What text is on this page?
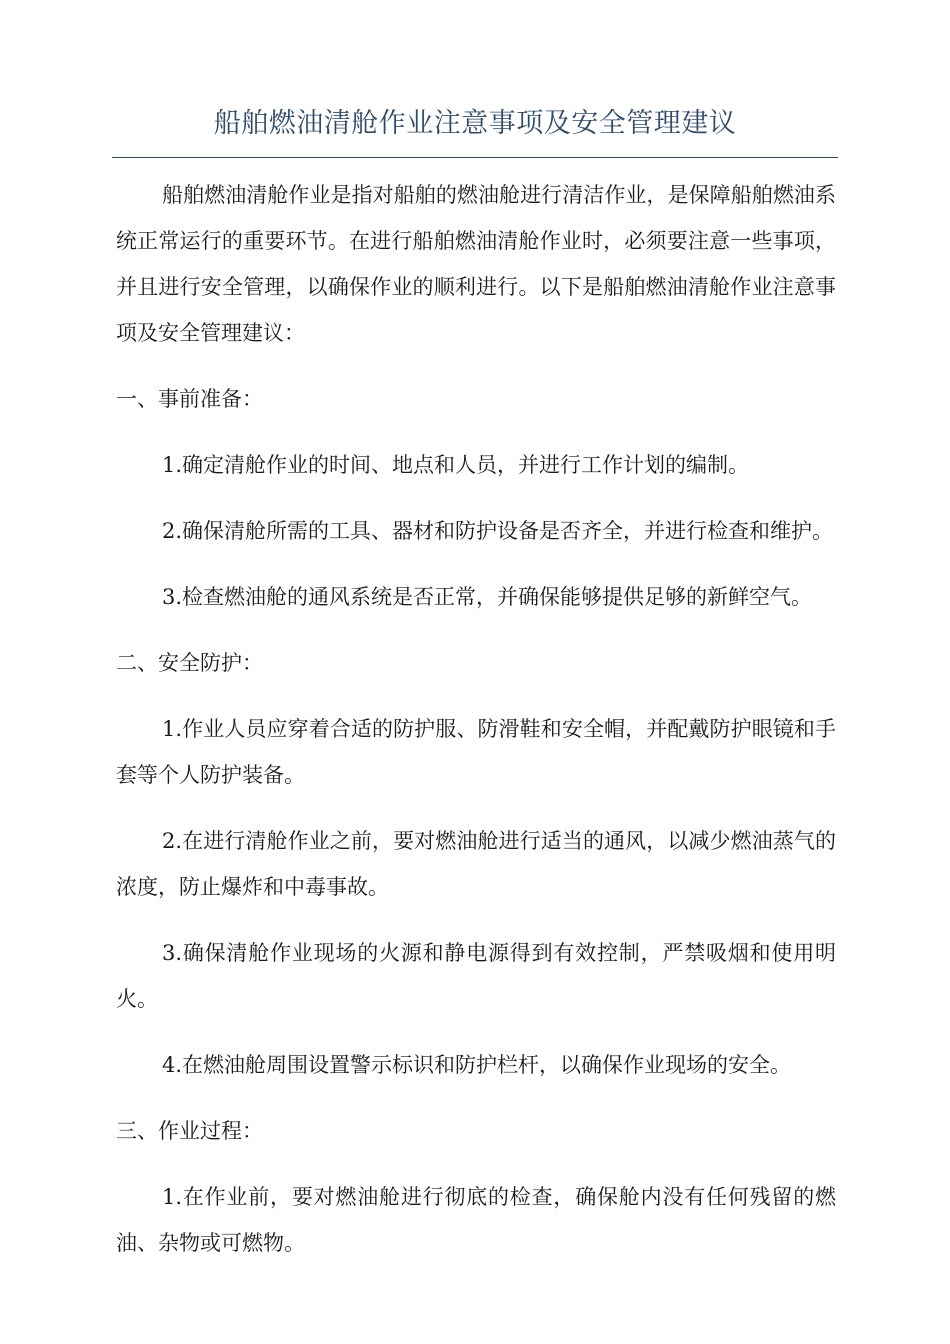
船舶燃油清舱作业注意事项及安全管理建议

船舶燃油清舱作业是指对船舶的燃油舱进行清洁作业，是保障船舶燃油系统正常运行的重要环节。在进行船舶燃油清舱作业时，必须要注意一些事项，并且进行安全管理，以确保作业的顺利进行。以下是船舶燃油清舱作业注意事项及安全管理建议：

一、事前准备：

1.确定清舱作业的时间、地点和人员，并进行工作计划的编制。

2.确保清舱所需的工具、器材和防护设备是否齐全，并进行检查和维护。

3.检查燃油舱的通风系统是否正常，并确保能够提供足够的新鲜空气。

二、安全防护：

1.作业人员应穿着合适的防护服、防滑鞋和安全帽，并配戴防护眼镜和手套等个人防护装备。

2.在进行清舱作业之前，要对燃油舱进行适当的通风，以减少燃油蒸气的浓度，防止爆炸和中毒事故。

3.确保清舱作业现场的火源和静电源得到有效控制，严禁吸烟和使用明火。

4.在燃油舱周围设置警示标识和防护栏杆，以确保作业现场的安全。

三、作业过程：

1.在作业前，要对燃油舱进行彻底的检查，确保舱内没有任何残留的燃油、杂物或可燃物。
